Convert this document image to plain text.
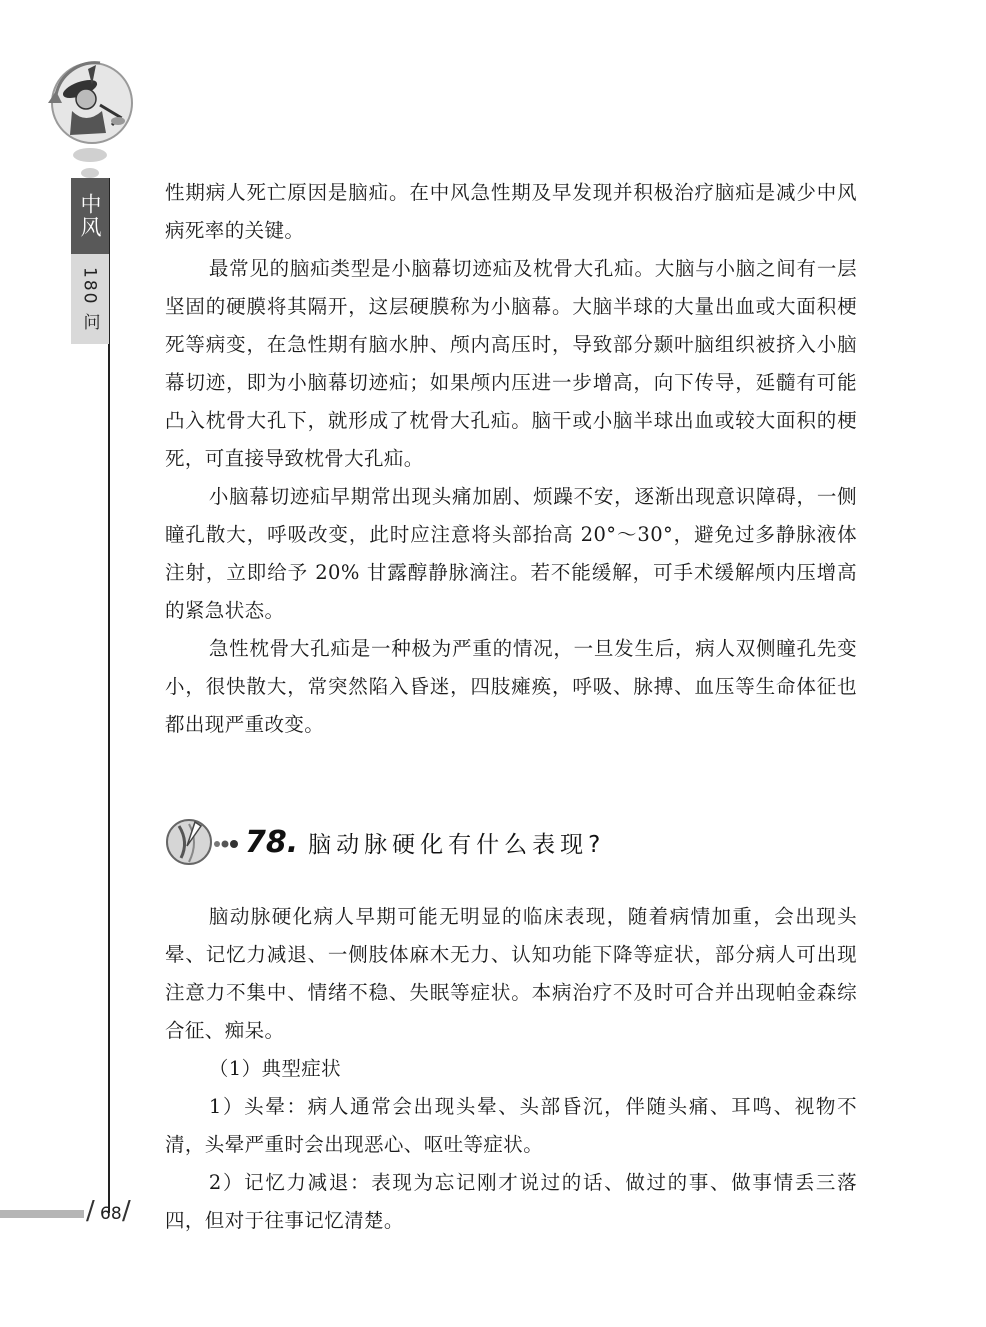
中风
180 问

性期病人死亡原因是脑疝。在中风急性期及早发现并积极治疗脑疝是减少中风病死率的关键。

最常见的脑疝类型是小脑幕切迹疝及枕骨大孔疝。大脑与小脑之间有一层坚固的硬膜将其隔开，这层硬膜称为小脑幕。大脑半球的大量出血或大面积梗死等病变，在急性期有脑水肿、颅内高压时，导致部分颞叶脑组织被挤入小脑幕切迹，即为小脑幕切迹疝；如果颅内压进一步增高，向下传导，延髓有可能凸入枕骨大孔下，就形成了枕骨大孔疝。脑干或小脑半球出血或较大面积的梗死，可直接导致枕骨大孔疝。

小脑幕切迹疝早期常出现头痛加剧、烦躁不安，逐渐出现意识障碍，一侧瞳孔散大，呼吸改变，此时应注意将头部抬高 20°～30°，避免过多静脉液体注射，立即给予 20% 甘露醇静脉滴注。若不能缓解，可手术缓解颅内压增高的紧急状态。

急性枕骨大孔疝是一种极为严重的情况，一旦发生后，病人双侧瞳孔先变小，很快散大，常突然陷入昏迷，四肢瘫痪，呼吸、脉搏、血压等生命体征也都出现严重改变。

78. 脑动脉硬化有什么表现?

脑动脉硬化病人早期可能无明显的临床表现，随着病情加重，会出现头晕、记忆力减退、一侧肢体麻木无力、认知功能下降等症状，部分病人可出现注意力不集中、情绪不稳、失眠等症状。本病治疗不及时可合并出现帕金森综合征、痴呆。

（1）典型症状

1）头晕：病人通常会出现头晕、头部昏沉，伴随头痛、耳鸣、视物不清，头晕严重时会出现恶心、呕吐等症状。

2）记忆力减退：表现为忘记刚才说过的话、做过的事、做事情丢三落四，但对于往事记忆清楚。

/ 68 /
